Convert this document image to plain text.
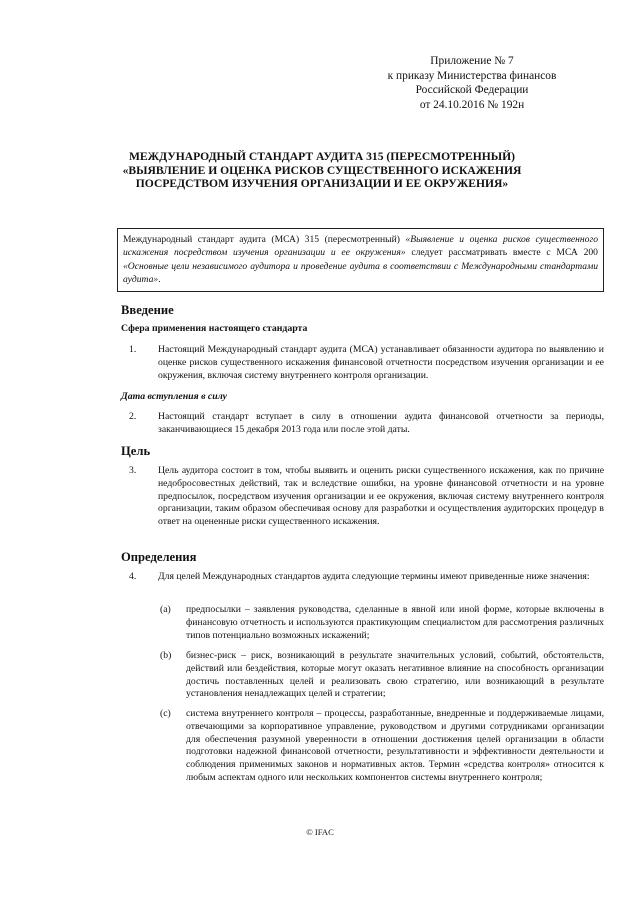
Приложение № 7
к приказу Министерства финансов
Российской Федерации
от 24.10.2016 № 192н
МЕЖДУНАРОДНЫЙ СТАНДАРТ АУДИТА 315 (ПЕРЕСМОТРЕННЫЙ)
«ВЫЯВЛЕНИЕ И ОЦЕНКА РИСКОВ СУЩЕСТВЕННОГО ИСКАЖЕНИЯ
ПОСРЕДСТВОМ ИЗУЧЕНИЯ ОРГАНИЗАЦИИ И ЕЕ ОКРУЖЕНИЯ»
Международный стандарт аудита (МСА) 315 (пересмотренный) «Выявление и оценка рисков существенного искажения посредством изучения организации и ее окружения» следует рассматривать вместе с МСА 200 «Основные цели независимого аудитора и проведение аудита в соответствии с Международными стандартами аудита».
Введение
Сфера применения настоящего стандарта
1. Настоящий Международный стандарт аудита (МСА) устанавливает обязанности аудитора по выявлению и оценке рисков существенного искажения финансовой отчетности посредством изучения организации и ее окружения, включая систему внутреннего контроля организации.
Дата вступления в силу
2. Настоящий стандарт вступает в силу в отношении аудита финансовой отчетности за периоды, заканчивающиеся 15 декабря 2013 года или после этой даты.
Цель
3. Цель аудитора состоит в том, чтобы выявить и оценить риски существенного искажения, как по причине недобросовестных действий, так и вследствие ошибки, на уровне финансовой отчетности и на уровне предпосылок, посредством изучения организации и ее окружения, включая систему внутреннего контроля организации, таким образом обеспечивая основу для разработки и осуществления аудиторских процедур в ответ на оцененные риски существенного искажения.
Определения
4. Для целей Международных стандартов аудита следующие термины имеют приведенные ниже значения:
(a) предпосылки – заявления руководства, сделанные в явной или иной форме, которые включены в финансовую отчетность и используются практикующим специалистом для рассмотрения различных типов потенциально возможных искажений;
(b) бизнес-риск – риск, возникающий в результате значительных условий, событий, обстоятельств, действий или бездействия, которые могут оказать негативное влияние на способность организации достичь поставленных целей и реализовать свою стратегию, или возникающий в результате установления ненадлежащих целей и стратегии;
(c) система внутреннего контроля – процессы, разработанные, внедренные и поддерживаемые лицами, отвечающими за корпоративное управление, руководством и другими сотрудниками организации для обеспечения разумной уверенности в отношении достижения целей организации в области подготовки надежной финансовой отчетности, результативности и эффективности деятельности и соблюдения применимых законов и нормативных актов. Термин «средства контроля» относится к любым аспектам одного или нескольких компонентов системы внутреннего контроля;
© IFAC
